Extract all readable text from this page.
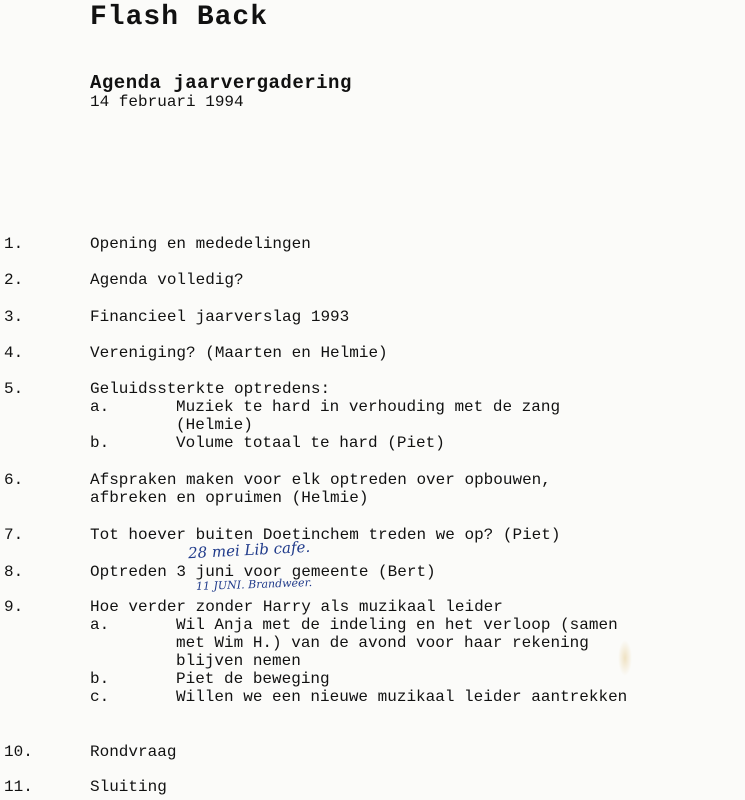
Flash Back
Agenda jaarvergadering
14 februari 1994
1.	Opening en mededelingen
2.	Agenda volledig?
3.	Financieel jaarverslag 1993
4.	Vereniging? (Maarten en Helmie)
5.	Geluidssterkte optredens:
a.	Muziek te hard in verhouding met de zang
(Helmie)
b.	Volume totaal te hard (Piet)
6.	Afspraken maken voor elk optreden over opbouwen,
afbreken en opruimen (Helmie)
7.	Tot hoever buiten Doetinchem treden we op? (Piet)
28 mei Lib cafe.
8.	Optreden 3 juni voor gemeente (Bert)
11 JUNI. Brandweer.
9.	Hoe verder zonder Harry als muzikaal leider
a.	Wil Anja met de indeling en het verloop (samen
met Wim H.) van de avond voor haar rekening
blijven nemen
b.	Piet de beweging
c.	Willen we een nieuwe muzikaal leider aantrekken
10.	Rondvraag
11.	Sluiting
